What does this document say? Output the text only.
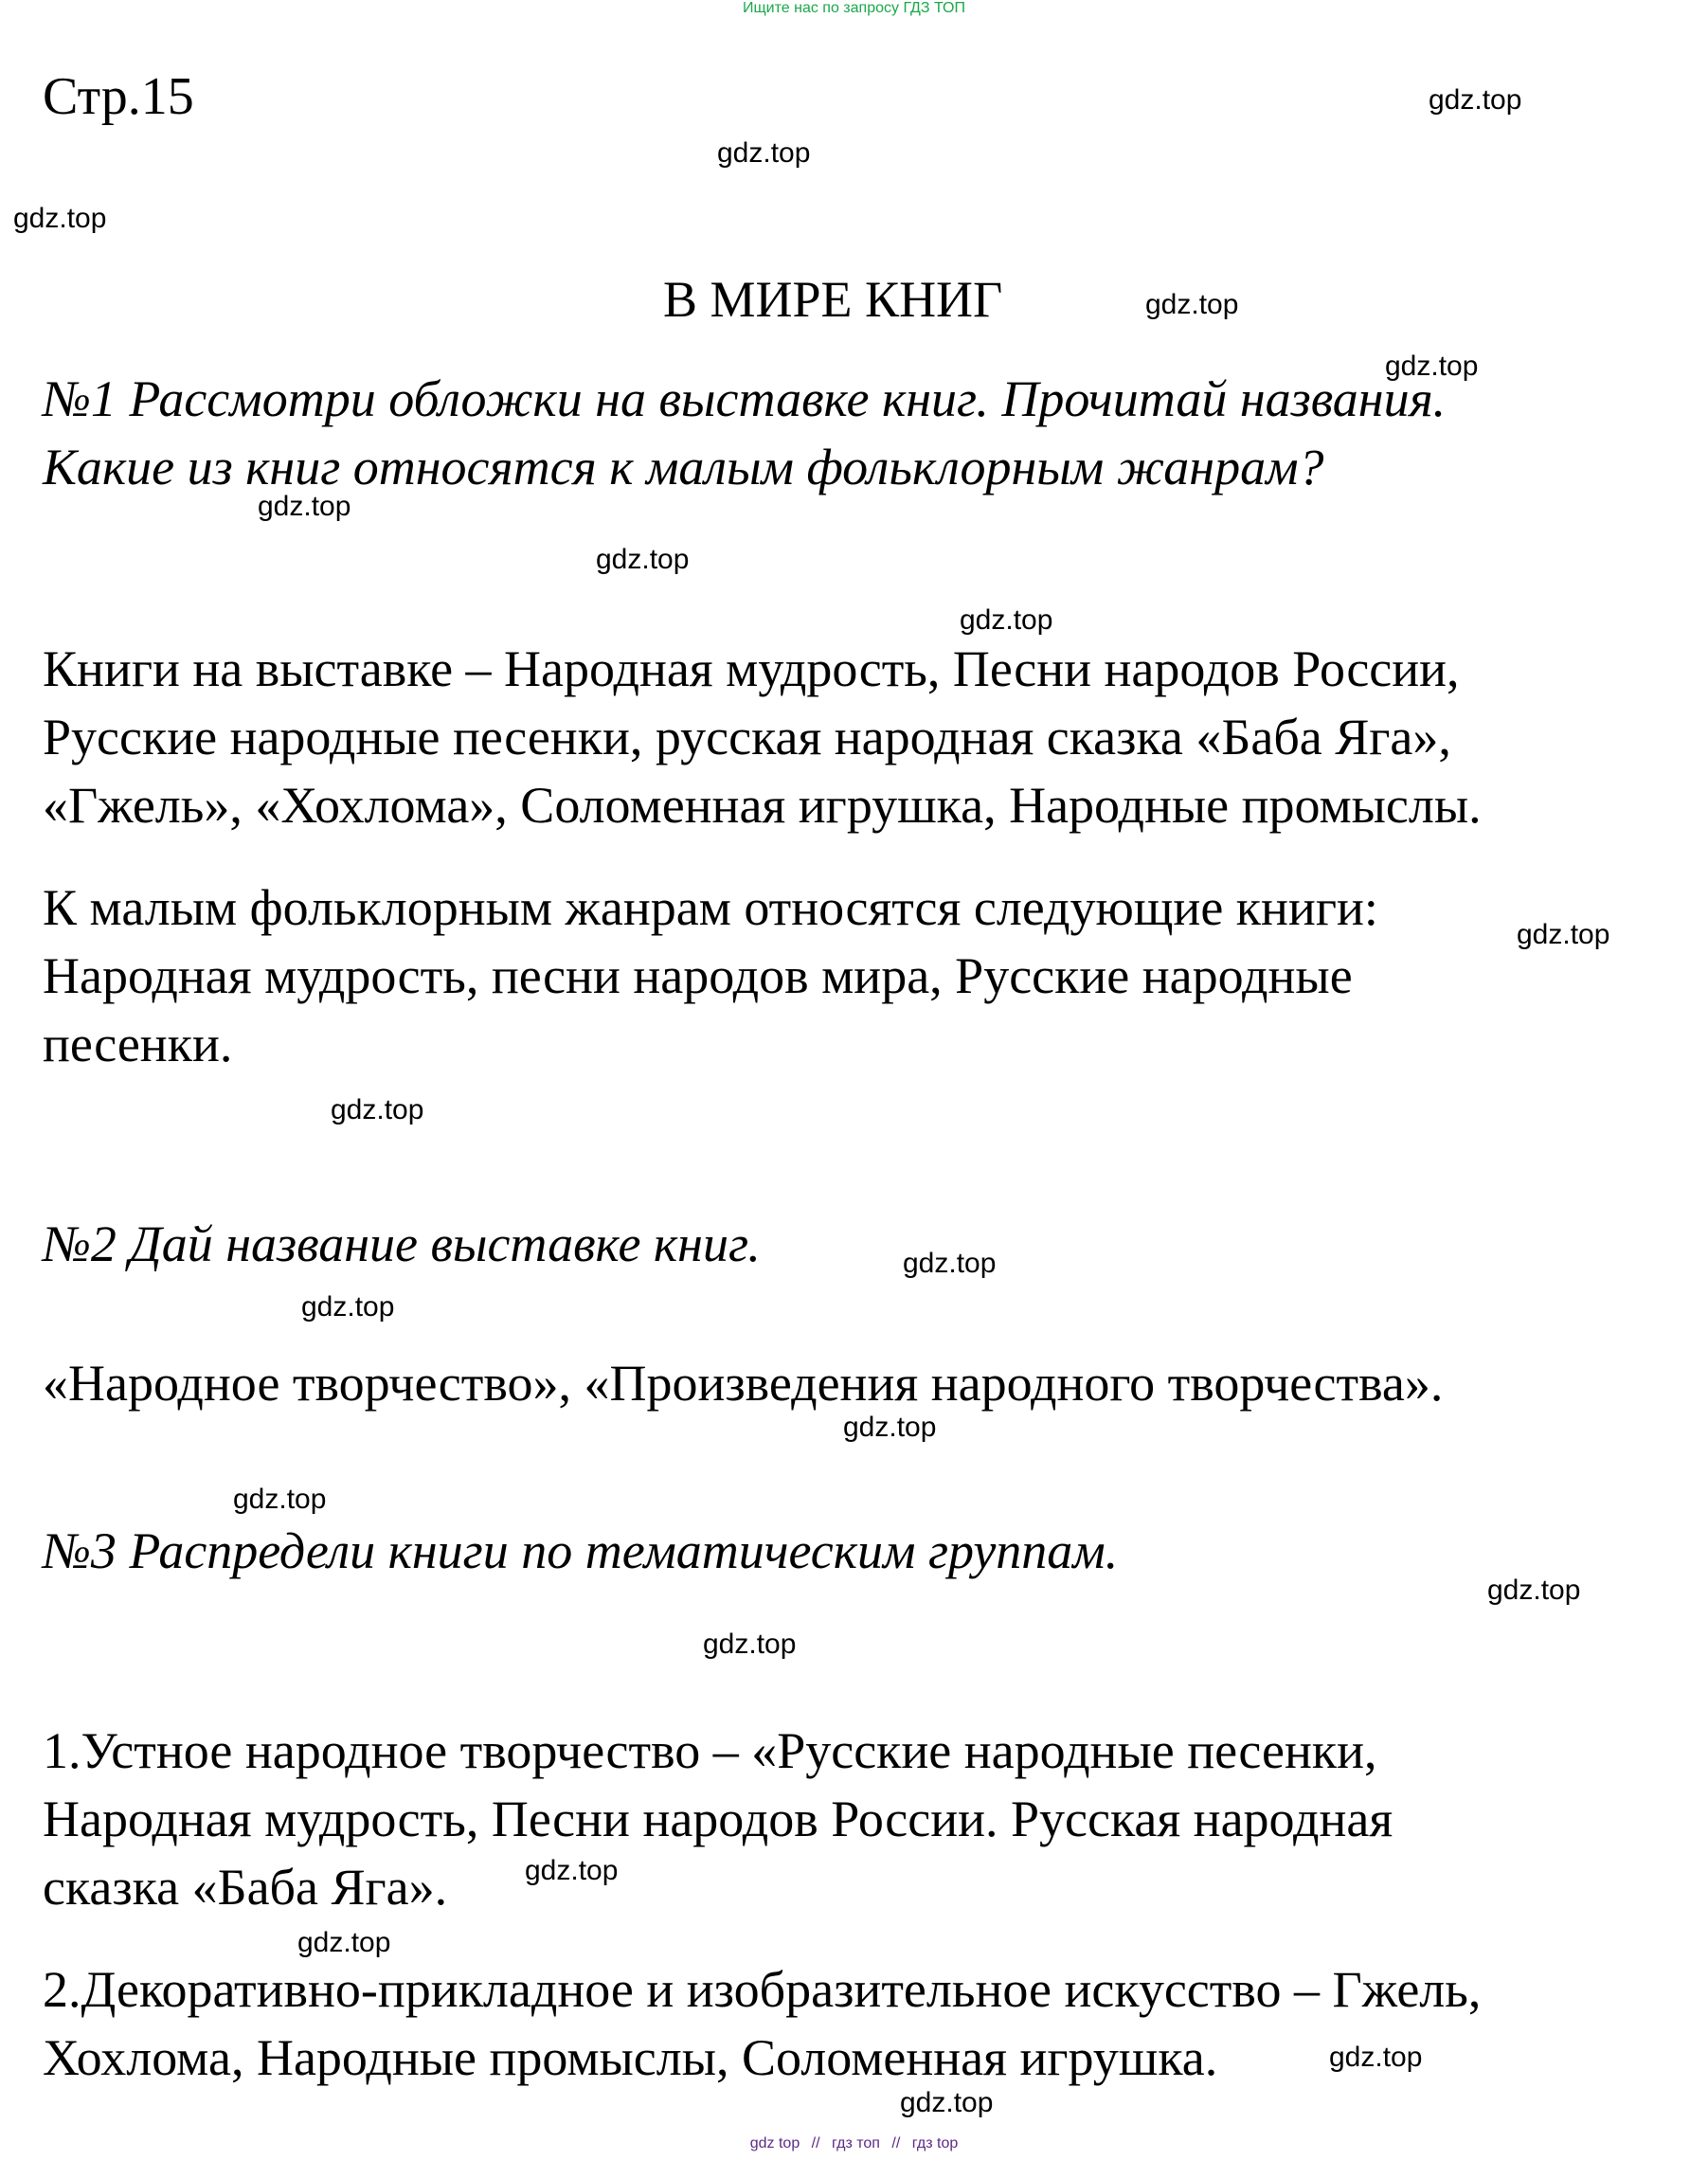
Ищите нас по запросу ГДЗ ТОП
Стр.15
В МИРЕ КНИГ
№1 Рассмотри обложки на выставке книг. Прочитай названия.
Какие из книг относятся к малым фольклорным жанрам?
Книги на выставке – Народная мудрость, Песни народов России,
Русские народные песенки, русская народная сказка «Баба Яга»,
«Гжель», «Хохлома», Соломенная игрушка, Народные промыслы.
К малым фольклорным жанрам относятся следующие книги:
Народная мудрость, песни народов мира, Русские народные
песенки.
№2 Дай название выставке книг.
«Народное творчество», «Произведения народного творчества».
№3 Распредели книги по тематическим группам.
1.Устное народное творчество – «Русские народные песенки,
Народная мудрость, Песни народов России. Русская народная
сказка «Баба Яга».
2.Декоративно-прикладное и изобразительное искусство – Гжель,
Хохлома, Народные промыслы, Соломенная игрушка.
gdz.top
gdz.top
gdz.top
gdz.top
gdz.top
gdz.top
gdz.top
gdz.top
gdz.top
gdz.top
gdz.top
gdz.top
gdz.top
gdz.top
gdz.top
gdz.top
gdz.top
gdz.top
gdz.top
gdz.top
gdz top // гдз топ // гдз top
